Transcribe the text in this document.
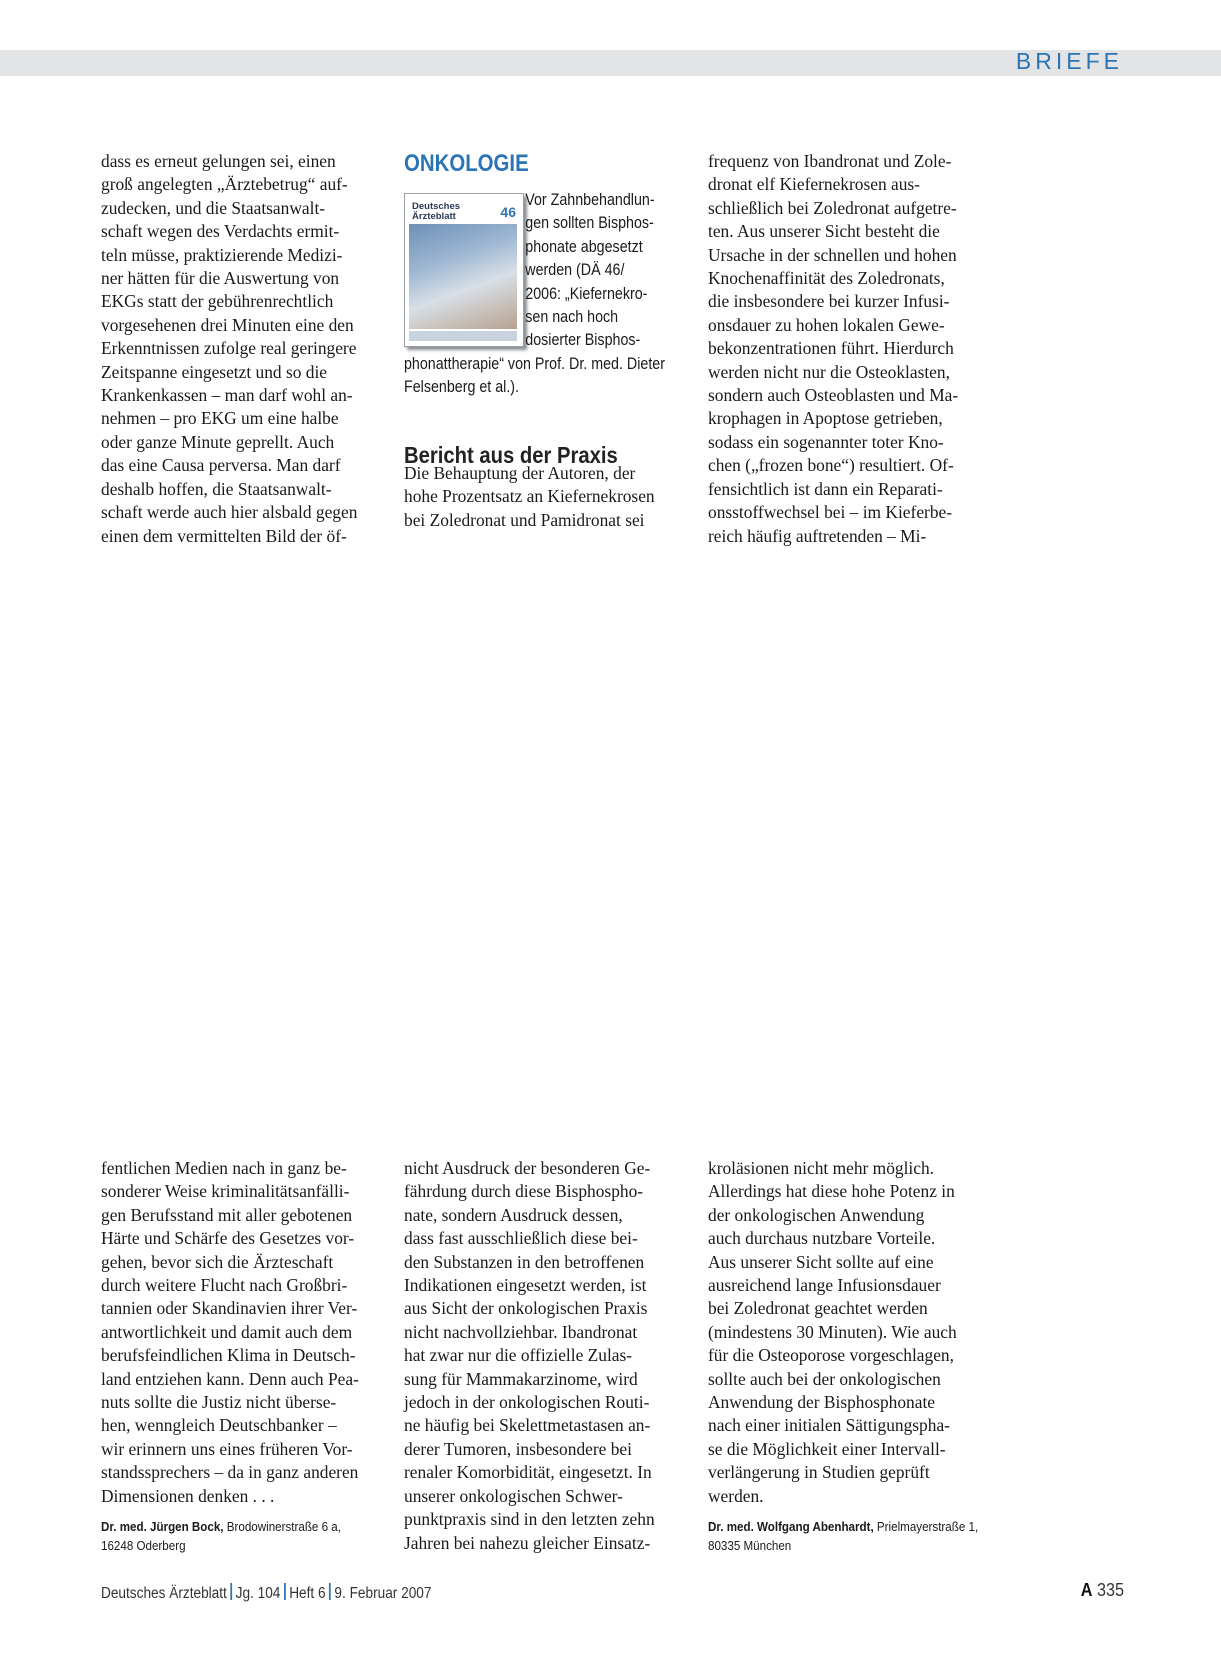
BRIEFE

dass es erneut gelungen sei, einen

groß angelegten „Ärztebetrug“ auf-

zudecken, und die Staatsanwalt-

schaft wegen des Verdachts ermit-

teln müsse, praktizierende Medizi-

ner hätten für die Auswertung von

EKGs statt der gebührenrechtlich

vorgesehenen drei Minuten eine den

Erkenntnissen zufolge real geringere

Zeitspanne eingesetzt und so die

Krankenkassen – man darf wohl an-

nehmen – pro EKG um eine halbe

oder ganze Minute geprellt. Auch

das eine Causa perversa. Man darf

deshalb hoffen, die Staatsanwalt-

schaft werde auch hier alsbald gegen

einen dem vermittelten Bild der öf-

ONKOLOGIE
Deutsches
Ärzteblatt	46

Vor Zahnbehandlun-

gen sollten Bisphos-

phonate abgesetzt

werden (DÄ 46/

2006: „Kiefernekro-

sen nach hoch

dosierter Bisphos-

phonattherapie“ von Prof. Dr. med. Dieter

Felsenberg et al.).

Bericht aus der Praxis

Die Behauptung der Autoren, der

hohe Prozentsatz an Kiefernekrosen

bei Zoledronat und Pamidronat sei

frequenz von Ibandronat und Zole-

dronat elf Kiefernekrosen aus-

schließlich bei Zoledronat aufgetre-

ten. Aus unserer Sicht besteht die

Ursache in der schnellen und hohen

Knochenaffinität des Zoledronats,

die insbesondere bei kurzer Infusi-

onsdauer zu hohen lokalen Gewe-

bekonzentrationen führt. Hierdurch

werden nicht nur die Osteoklasten,

sondern auch Osteoblasten und Ma-

krophagen in Apoptose getrieben,

sodass ein sogenannter toter Kno-

chen („frozen bone“) resultiert. Of-

fensichtlich ist dann ein Reparati-

onsstoffwechsel bei – im Kieferbe-

reich häufig auftretenden – Mi-

fentlichen Medien nach in ganz be-

sonderer Weise kriminalitätsanfälli-

gen Berufsstand mit aller gebotenen

Härte und Schärfe des Gesetzes vor-

gehen, bevor sich die Ärzteschaft

durch weitere Flucht nach Großbri-

tannien oder Skandinavien ihrer Ver-

antwortlichkeit und damit auch dem

berufsfeindlichen Klima in Deutsch-

land entziehen kann. Denn auch Pea-

nuts sollte die Justiz nicht überse-

hen, wenngleich Deutschbanker –

wir erinnern uns eines früheren Vor-

standssprechers – da in ganz anderen

Dimensionen denken . . .

Dr. med. Jürgen Bock, Brodowinerstraße 6 a,

16248 Oderberg

nicht Ausdruck der besonderen Ge-

fährdung durch diese Bisphospho-

nate, sondern Ausdruck dessen,

dass fast ausschließlich diese bei-

den Substanzen in den betroffenen

Indikationen eingesetzt werden, ist

aus Sicht der onkologischen Praxis

nicht nachvollziehbar. Ibandronat

hat zwar nur die offizielle Zulas-

sung für Mammakarzinome, wird

jedoch in der onkologischen Routi-

ne häufig bei Skelettmetastasen an-

derer Tumoren, insbesondere bei

renaler Komorbidität, eingesetzt. In

unserer onkologischen Schwer-

punktpraxis sind in den letzten zehn

Jahren bei nahezu gleicher Einsatz-

kroläsionen nicht mehr möglich.

Allerdings hat diese hohe Potenz in

der onkologischen Anwendung

auch durchaus nutzbare Vorteile.

Aus unserer Sicht sollte auf eine

ausreichend lange Infusionsdauer

bei Zoledronat geachtet werden

(mindestens 30 Minuten). Wie auch

für die Osteoporose vorgeschlagen,

sollte auch bei der onkologischen

Anwendung der Bisphosphonate

nach einer initialen Sättigungspha-

se die Möglichkeit einer Intervall-

verlängerung in Studien geprüft

werden.

Dr. med. Wolfgang Abenhardt, Prielmayerstraße 1,

80335 München

Deutsches Ärzteblatt Jg. 104 Heft 6 9. Februar 2007	A 335
